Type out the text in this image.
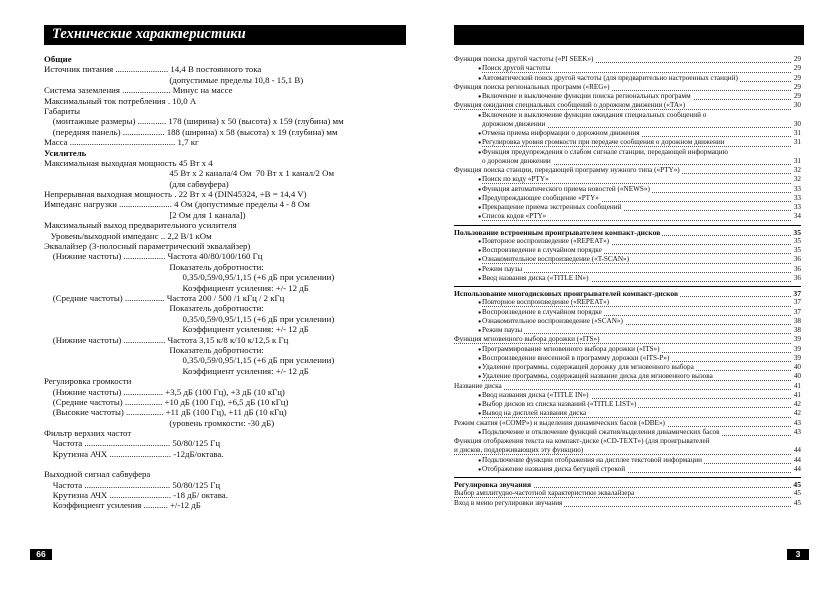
Технические характеристики
Общие
Источник питания ........................ 14,4 В постоянного тока
(допустимые пределы 10,8 - 15,1 В)
Система заземления ...................... Минус на массе
Максимальный ток потребления . 10,0 А
Габариты
(монтажные размеры) ............. 178 (ширина) x 50 (высота) x 159 (глубина) мм
(передняя панель) ................... 188 (ширина) x 58 (высота) x 19 (глубина) мм
Масса ................................................ 1,7 кг
Усилитель
Максимальная выходная мощность 45 Вт x 4
45 Вт x 2 канала/4 Ом  70 Вт x 1 канал/2 Ом
(для сабвуфера)
Непрерывная выходная мощность . 22 Вт x 4 (DIN45324, +B = 14,4 V)
Импеданс нагрузки ........................ 4 Ом (допустимые пределы 4 - 8 Ом
[2 Ом для 1 канала])
Максимальный выход предварительного усилителя
Уровень/выходной импеданс .. 2,2 В/1 кОм
Эквалайзер (3-полосный параметрический эквалайзер)
(Нижние частоты) ................... Частота 40/80/100/160 Гц
Показатель добротности:
0,35/0,59/0,95/1,15 (+6 дБ при усилении)
Коэффициент усиления: +/- 12 дБ
(Средние частоты) .................. Частота 200 / 500 /1 кГц / 2 кГц
Показатель добротности:
0,35/0,59/0,95/1,15 (+6 дБ при усилении)
Коэффициент усиления: +/- 12 дБ
(Нижние частоты) ................... Частота 3,15 к/8 к/10 к/12,5 к Гц
Показатель добротности:
0,35/0,59/0,95/1,15 (+6 дБ при усилении)
Коэффициент усиления: +/- 12 дБ
Регулировка громкости
(Нижние частоты) .................. +3,5 дБ (100 Гц), +3 дБ (10 кГц)
(Средние частоты) ................. +10 дБ (100 Гц), +6,5 дБ (10 кГц)
(Высокие частоты) ................. +11 дБ (100 Гц), +11 дБ (10 кГц)
(уровень громкости: -30 дБ)
Фильтр верхних частот
Частота ....................................... 50/80/125 Гц
Крутизна АЧХ ............................ -12дБ/октава.
Выходной сигнал сабвуфера
Частота ....................................... 50/80/125 Гц
Крутизна АЧХ ............................ -18 дБ/ октава.
Коэффициент усиления ........... +/-12 дБ
Функция поиска другой частоты («PI SEEK»)	29
● Поиск другой частоты	29
● Автоматический поиск другой частоты (для предварительно настроенных станций)	29
Функция поиска региональных программ («REG»)	29
● Включение и выключение функции поиска региональных программ	29
Функция ожидания специальных сообщений о дорожном движении («TA»)	30
● Включение и выключение функции ожидания специальных сообщений о
дорожном движении	30
● Отмена приема информации о дорожном движения	31
● Регулировка уровня громкости при передаче сообщения о дорожном движении	31
● Функция предупреждения о слабом сигнале станции, передающей информацию
о дорожном движении	31
Функция поиска станции, передающей программу нужного типа («PTY»)	32
● Поиск по коду «PTY»	32
● Функция автоматического приема новостей («NEWS»)	33
● Предупреждающее сообщение «PTY»	33
● Прекращение приема экстренных сообщений	33
● Список кодов «PTY»	34
Пользование встроенным проигрывателем компакт-дисков	35
● Повторное воспроизведение («REPEAT»)	35
● Воспроизведение в случайном порядке	35
● Ознакомительное воспроизведение («T-SCAN»)	36
● Режим паузы	36
● Ввод названия диска («TITLE IN»)	36
Использование многодисковых проигрывателей компакт-дисков	37
● Повторное воспроизведение («REPEAT»)	37
● Воспроизведение в случайном порядке	37
● Ознакомительное воспроизведение («SCAN»)	38
● Режим паузы	38
Функция мгновенного выбора дорожки («ITS»)	39
● Программирование мгновенного выбора дорожки («ITS»)	39
● Воспроизведение внесенной в программу дорожки («ITS-P»)	39
● Удаление программы, содержащей дорожку для мгновенного выбора	40
● Удаление программы, содержащей название диска для мгновенного вызова	40
Название диска	41
● Ввод названия диска («TITLE IN»)	41
● Выбор дисков из списка названий («TITLE LIST»)	42
● Вывод на дисплей названия диска	42
Режим сжатия («COMP») и выделения динамических басов («DBE»)	43
● Подключение и отключение функций сжатия/выделения динамических басов	43
Функция отображения текста на компакт-диске («CD-TEXT») (для проигрывателей
и дисков, поддерживающих эту функцию)	44
● Подключение функции отображения на дисплее текстовой информации	44
● Отображение названия диска бегущей строкой	44
Регулировка звучания	45
Выбор амплитудно-частотной характеристики эквалайзера	45
Вход в меню регулировки звучания	45
66	3
